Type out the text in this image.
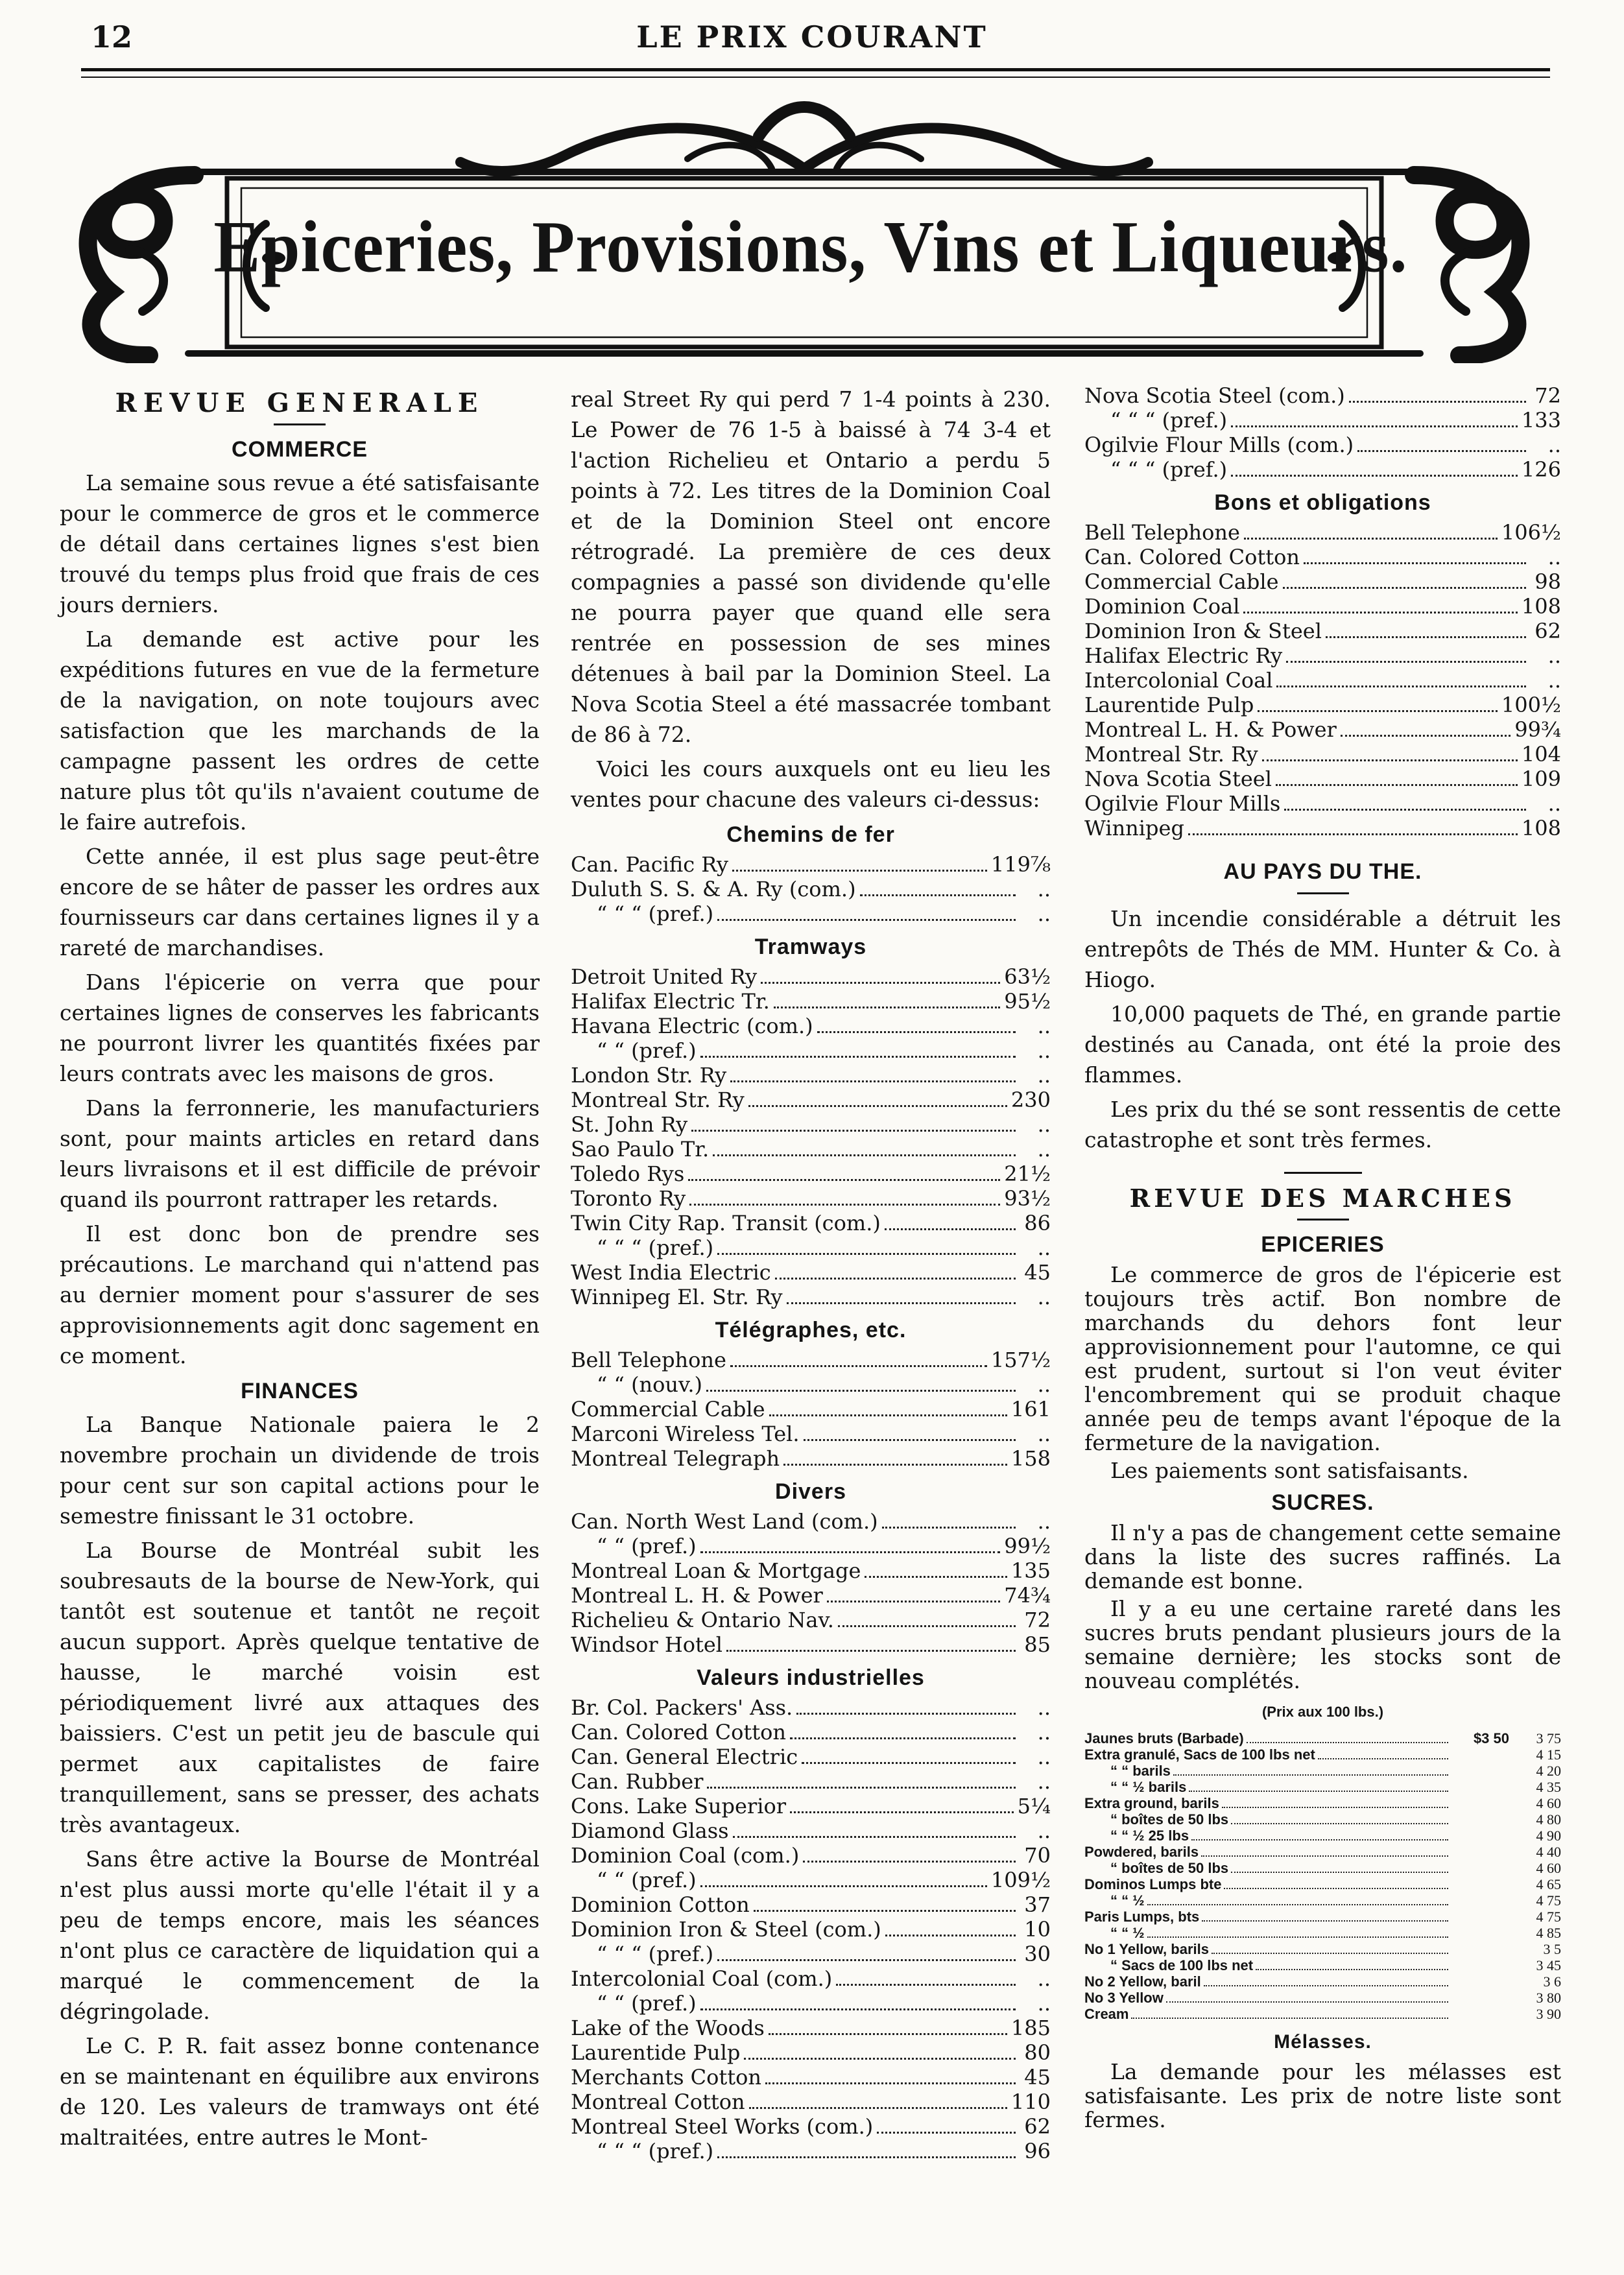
12	LE PRIX COURANT
Epiceries, Provisions, Vins et Liqueurs.
REVUE GENERALE
COMMERCE

La semaine sous revue a été satisfaisante pour le commerce de gros et le commerce de détail dans certaines lignes s'est bien trouvé du temps plus froid que frais de ces jours derniers.

La demande est active pour les expéditions futures en vue de la fermeture de la navigation, on note toujours avec satisfaction que les marchands de la campagne passent les ordres de cette nature plus tôt qu'ils n'avaient coutume de le faire autrefois.

Cette année, il est plus sage peut-être encore de se hâter de passer les ordres aux fournisseurs car dans certaines lignes il y a rareté de marchandises.

Dans l'épicerie on verra que pour certaines lignes de conserves les fabricants ne pourront livrer les quantités fixées par leurs contrats avec les maisons de gros.

Dans la ferronnerie, les manufacturiers sont, pour maints articles en retard dans leurs livraisons et il est difficile de prévoir quand ils pourront rattraper les retards.

Il est donc bon de prendre ses précautions. Le marchand qui n'attend pas au dernier moment pour s'assurer de ses approvisionnements agit donc sagement en ce moment.

FINANCES

La Banque Nationale paiera le 2 novembre prochain un dividende de trois pour cent sur son capital actions pour le semestre finissant le 31 octobre.

La Bourse de Montréal subit les soubresauts de la bourse de New-York, qui tantôt est soutenue et tantôt ne reçoit aucun support. Après quelque tentative de hausse, le marché voisin est périodiquement livré aux attaques des baissiers. C'est un petit jeu de bascule qui permet aux capitalistes de faire tranquillement, sans se presser, des achats très avantageux.

Sans être active la Bourse de Montréal n'est plus aussi morte qu'elle l'était il y a peu de temps encore, mais les séances n'ont plus ce caractère de liquidation qui a marqué le commencement de la dégringolade.

Le C. P. R. fait assez bonne contenance en se maintenant en équilibre aux environs de 120. Les valeurs de tramways ont été maltraitées, entre autres le Mont-

real Street Ry qui perd 7 1-4 points à 230. Le Power de 76 1-5 à baissé à 74 3-4 et l'action Richelieu et Ontario a perdu 5 points à 72. Les titres de la Dominion Coal et de la Dominion Steel ont encore rétrogradé. La première de ces deux compagnies a passé son dividende qu'elle ne pourra payer que quand elle sera rentrée en possession de ses mines détenues à bail par la Dominion Steel. La Nova Scotia Steel a été massacrée tombant de 86 à 72.

Voici les cours auxquels ont eu lieu les ventes pour chacune des valeurs ci-dessus:

Chemins de fer
Can. Pacific Ry	119⅞
Duluth S. S. & A. Ry (com.)	..
“ “ “ (pref.)	..
Tramways
Detroit United Ry	63½
Halifax Electric Tr.	95½
Havana Electric (com.)	..
“ “ (pref.)	..
London Str. Ry	..
Montreal Str. Ry	230
St. John Ry	..
Sao Paulo Tr.	..
Toledo Rys	21½
Toronto Ry	93½
Twin City Rap. Transit (com.)	86
“ “ “ (pref.)	..
West India Electric	45
Winnipeg El. Str. Ry	..
Télégraphes, etc.
Bell Telephone	157½
“ “ (nouv.)	..
Commercial Cable	161
Marconi Wireless Tel.	..
Montreal Telegraph	158
Divers
Can. North West Land (com.)	..
“ “ (pref.)	99½
Montreal Loan & Mortgage	135
Montreal L. H. & Power	74¾
Richelieu & Ontario Nav.	72
Windsor Hotel	85
Valeurs industrielles
Br. Col. Packers' Ass.	..
Can. Colored Cotton	..
Can. General Electric	..
Can. Rubber	..
Cons. Lake Superior	5¼
Diamond Glass	..
Dominion Coal (com.)	70
“ “ (pref.)	109½
Dominion Cotton	37
Dominion Iron & Steel (com.)	10
“ “ “ (pref.)	30
Intercolonial Coal (com.)	..
“ “ (pref.)	..
Lake of the Woods	185
Laurentide Pulp	80
Merchants Cotton	45
Montreal Cotton	110
Montreal Steel Works (com.)	62
“ “ “ (pref.)	96
Nova Scotia Steel (com.)	72
“ “ “ (pref.)	133
Ogilvie Flour Mills (com.)	..
“ “ “ (pref.)	126
Bons et obligations
Bell Telephone	106½
Can. Colored Cotton	..
Commercial Cable	98
Dominion Coal	108
Dominion Iron & Steel	62
Halifax Electric Ry	..
Intercolonial Coal	..
Laurentide Pulp	100½
Montreal L. H. & Power	99¾
Montreal Str. Ry	104
Nova Scotia Steel	109
Ogilvie Flour Mills	..
Winnipeg	108
AU PAYS DU THE.

Un incendie considérable a détruit les entrepôts de Thés de MM. Hunter & Co. à Hiogo.

10,000 paquets de Thé, en grande partie destinés au Canada, ont été la proie des flammes.

Les prix du thé se sont ressentis de cette catastrophe et sont très fermes.

REVUE DES MARCHES
EPICERIES

Le commerce de gros de l'épicerie est toujours très actif. Bon nombre de marchands du dehors font leur approvisionnement pour l'automne, ce qui est prudent, surtout si l'on veut éviter l'encombrement qui se produit chaque année peu de temps avant l'époque de la fermeture de la navigation.

Les paiements sont satisfaisants.

SUCRES.

Il n'y a pas de changement cette semaine dans la liste des sucres raffinés. La demande est bonne.

Il y a eu une certaine rareté dans les sucres bruts pendant plusieurs jours de la semaine dernière; les stocks sont de nouveau complétés.

(Prix aux 100 lbs.)
Jaunes bruts (Barbade)	$3 50	3 75
Extra granulé, Sacs de 100 lbs net	4 15
“ “ barils	4 20
“ “ ½ barils	4 35
Extra ground, barils	4 60
“ boîtes de 50 lbs	4 80
“ “ ½ 25 lbs	4 90
Powdered, barils	4 40
“ boîtes de 50 lbs	4 60
Dominos Lumps bte	4 65
“ “ ½	4 75
Paris Lumps, bts	4 75
“ “ ½	4 85
No 1 Yellow, barils	3 5
“ Sacs de 100 lbs net	3 45
No 2 Yellow, baril	3 6
No 3 Yellow	3 80
Cream	3 90
Mélasses.

La demande pour les mélasses est satisfaisante. Les prix de notre liste sont fermes.
